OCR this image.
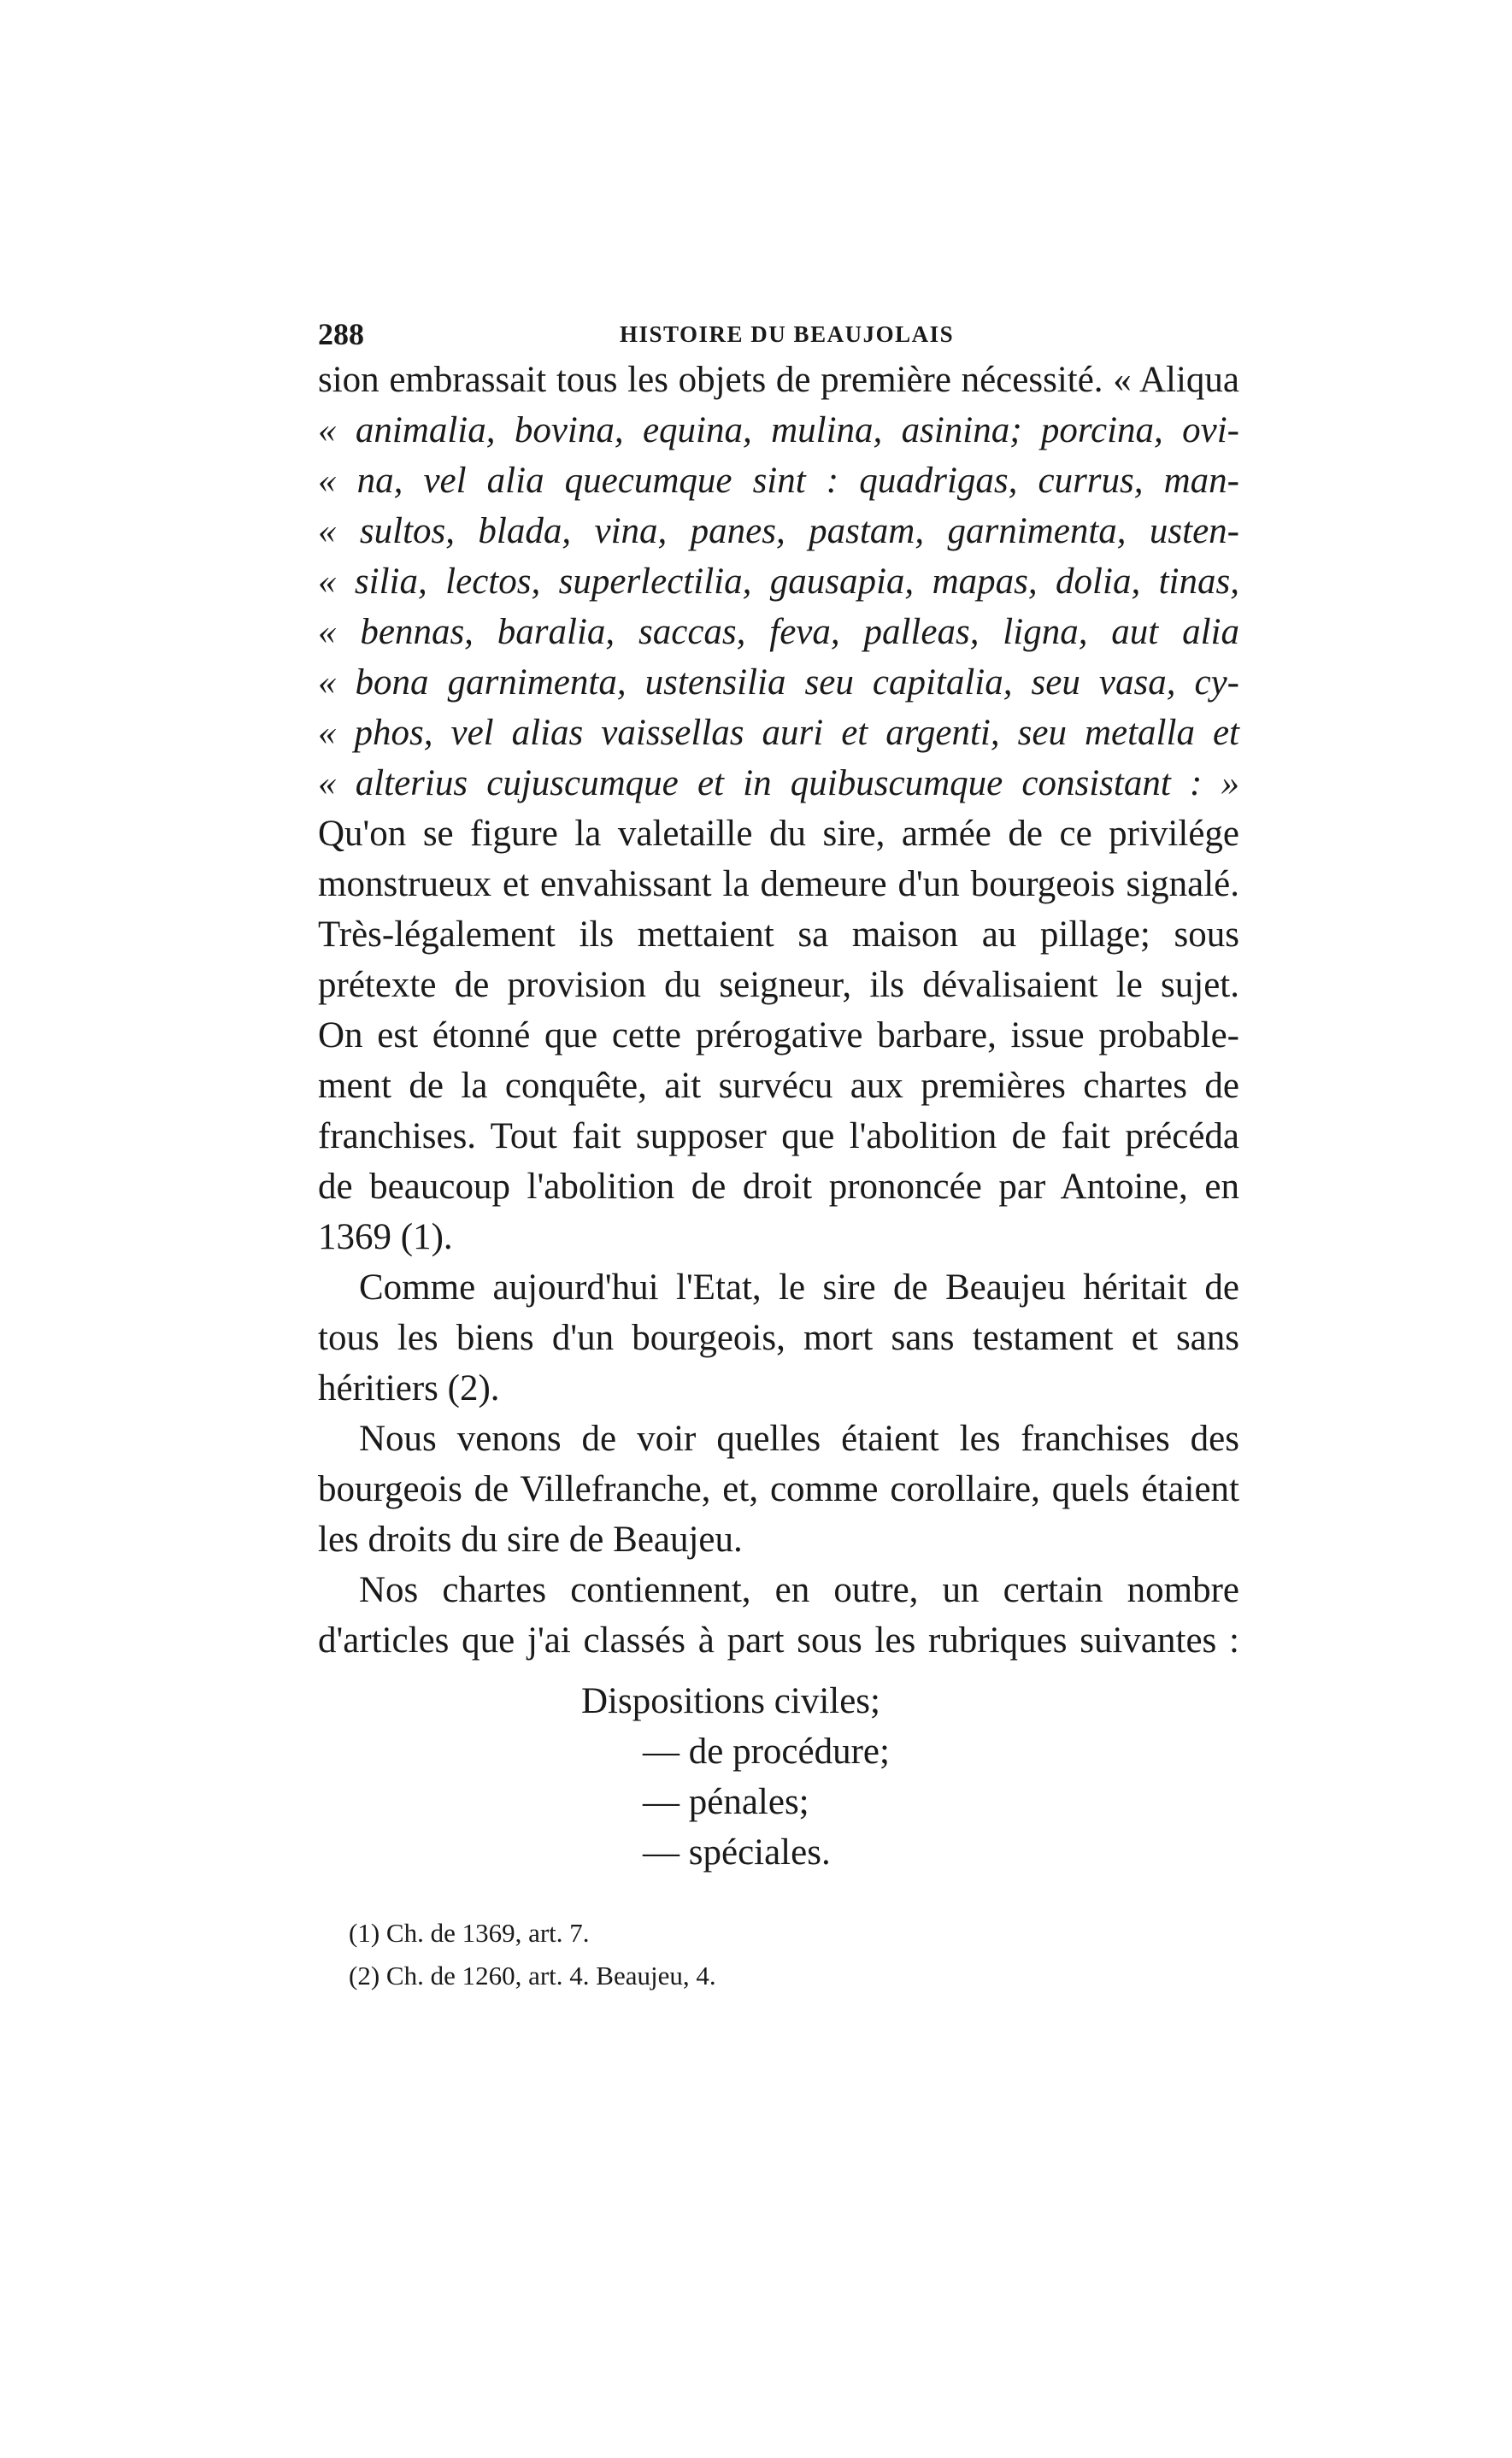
288	HISTOIRE DU BEAUJOLAIS
sion embrassait tous les objets de première nécessité. « Aliqua
« animalia, bovina, equina, mulina, asinina; porcina, ovi-
« na, vel alia quecumque sint : quadrigas, currus, man-
« sultos, blada, vina, panes, pastam, garnimenta, usten-
« silia, lectos, superlectilia, gausapia, mapas, dolia, tinas,
« bennas, baralia, saccas, feva, palleas, ligna, aut alia
« bona garnimenta, ustensilia seu capitalia, seu vasa, cy-
« phos, vel alias vaissellas auri et argenti, seu metalla et
« alterius cujuscumque et in quibuscumque consistant : »
Qu'on se figure la valetaille du sire, armée de ce privilége
monstrueux et envahissant la demeure d'un bourgeois signalé.
Très-légalement ils mettaient sa maison au pillage; sous
prétexte de provision du seigneur, ils dévalisaient le sujet.
On est étonné que cette prérogative barbare, issue probable-
ment de la conquête, ait survécu aux premières chartes de
franchises. Tout fait supposer que l'abolition de fait précéda
de beaucoup l'abolition de droit prononcée par Antoine, en
1369 (1).
Comme aujourd'hui l'Etat, le sire de Beaujeu héritait de
tous les biens d'un bourgeois, mort sans testament et sans
héritiers (2).
Nous venons de voir quelles étaient les franchises des
bourgeois de Villefranche, et, comme corollaire, quels étaient
les droits du sire de Beaujeu.
Nos chartes contiennent, en outre, un certain nombre
d'articles que j'ai classés à part sous les rubriques suivantes :
Dispositions civiles;
— de procédure;
— pénales;
— spéciales.
(1) Ch. de 1369, art. 7.
(2) Ch. de 1260, art. 4. Beaujeu, 4.
